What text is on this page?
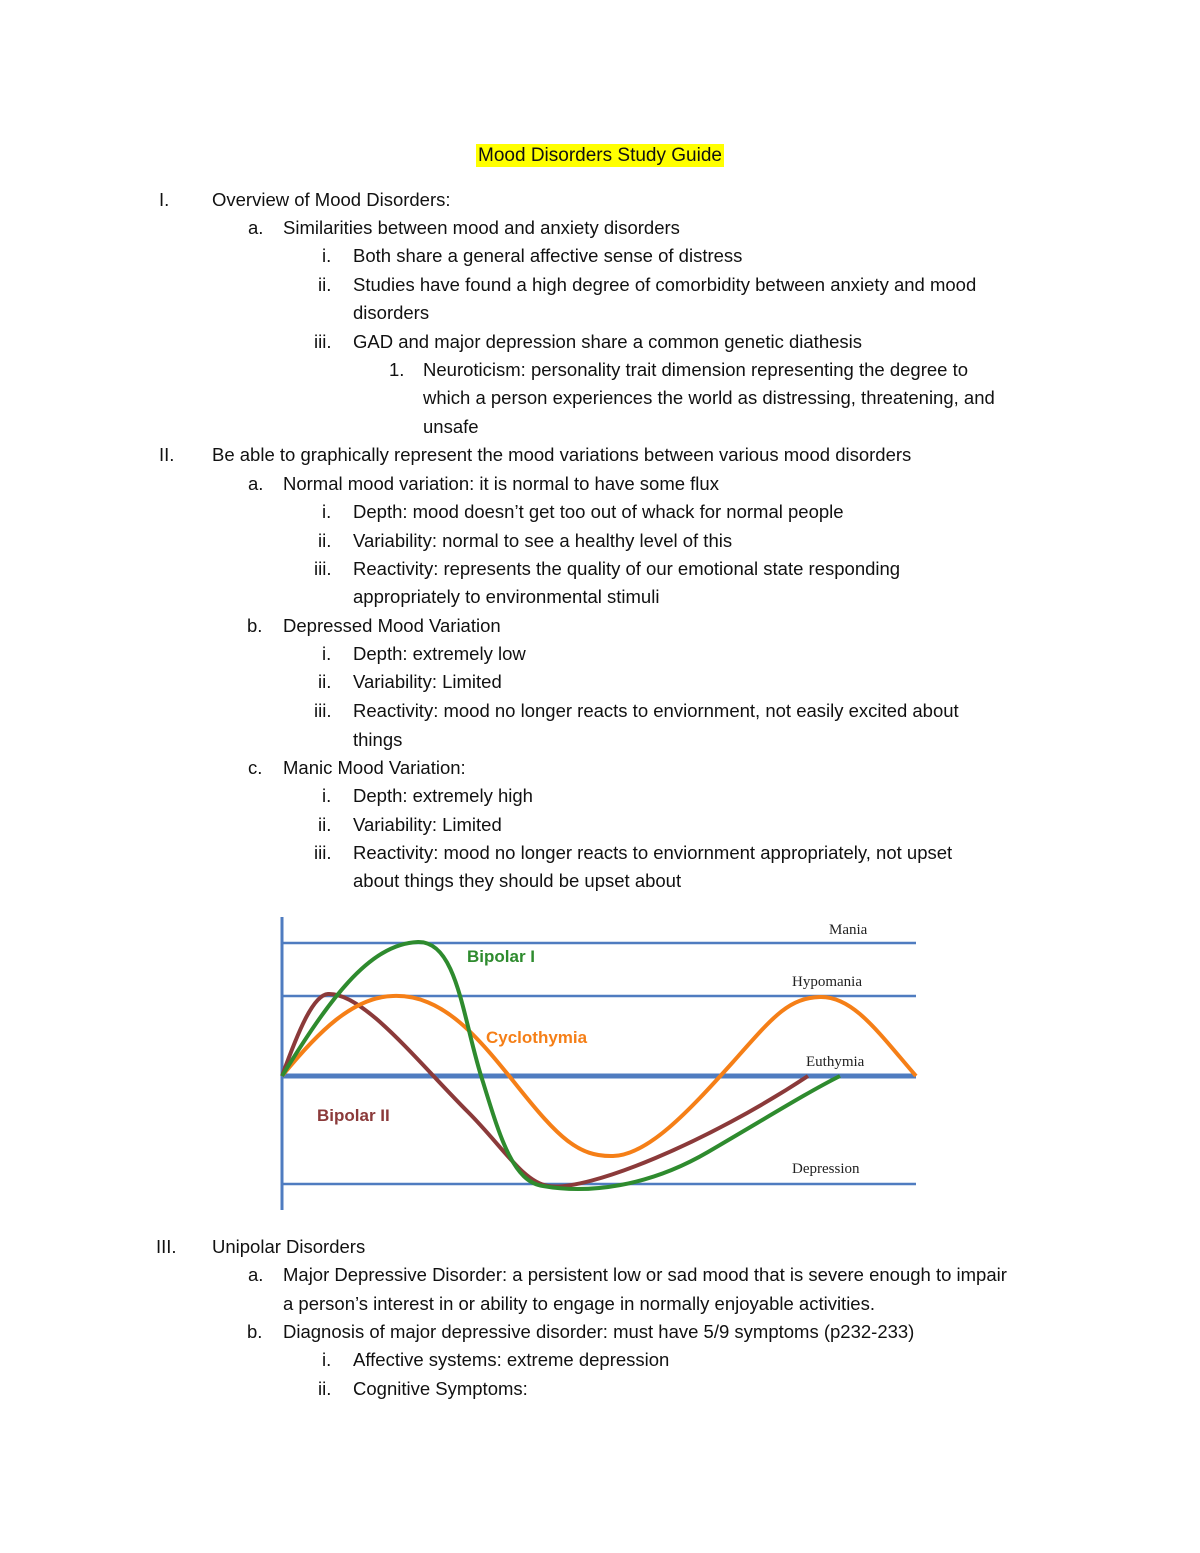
Mood Disorders Study Guide
I. Overview of Mood Disorders:
a. Similarities between mood and anxiety disorders
i. Both share a general affective sense of distress
ii. Studies have found a high degree of comorbidity between anxiety and mood
disorders
iii. GAD and major depression share a common genetic diathesis
1. Neuroticism: personality trait dimension representing the degree to
which a person experiences the world as distressing, threatening, and
unsafe
II. Be able to graphically represent the mood variations between various mood disorders
a. Normal mood variation: it is normal to have some flux
i. Depth: mood doesn’t get too out of whack for normal people
ii. Variability: normal to see a healthy level of this
iii. Reactivity: represents the quality of our emotional state responding
appropriately to environmental stimuli
b. Depressed Mood Variation
i. Depth: extremely low
ii. Variability: Limited
iii. Reactivity: mood no longer reacts to enviornment, not easily excited about
things
c. Manic Mood Variation:
i. Depth: extremely high
ii. Variability: Limited
iii. Reactivity: mood no longer reacts to enviornment appropriately, not upset
about things they should be upset about
Mania
Hypomania
Euthymia
Depression
Bipolar I
Cyclothymia
Bipolar II
III. Unipolar Disorders
a. Major Depressive Disorder: a persistent low or sad mood that is severe enough to impair
a person’s interest in or ability to engage in normally enjoyable activities.
b. Diagnosis of major depressive disorder: must have 5/9 symptoms (p232-233)
i. Affective systems: extreme depression
ii. Cognitive Symptoms:
